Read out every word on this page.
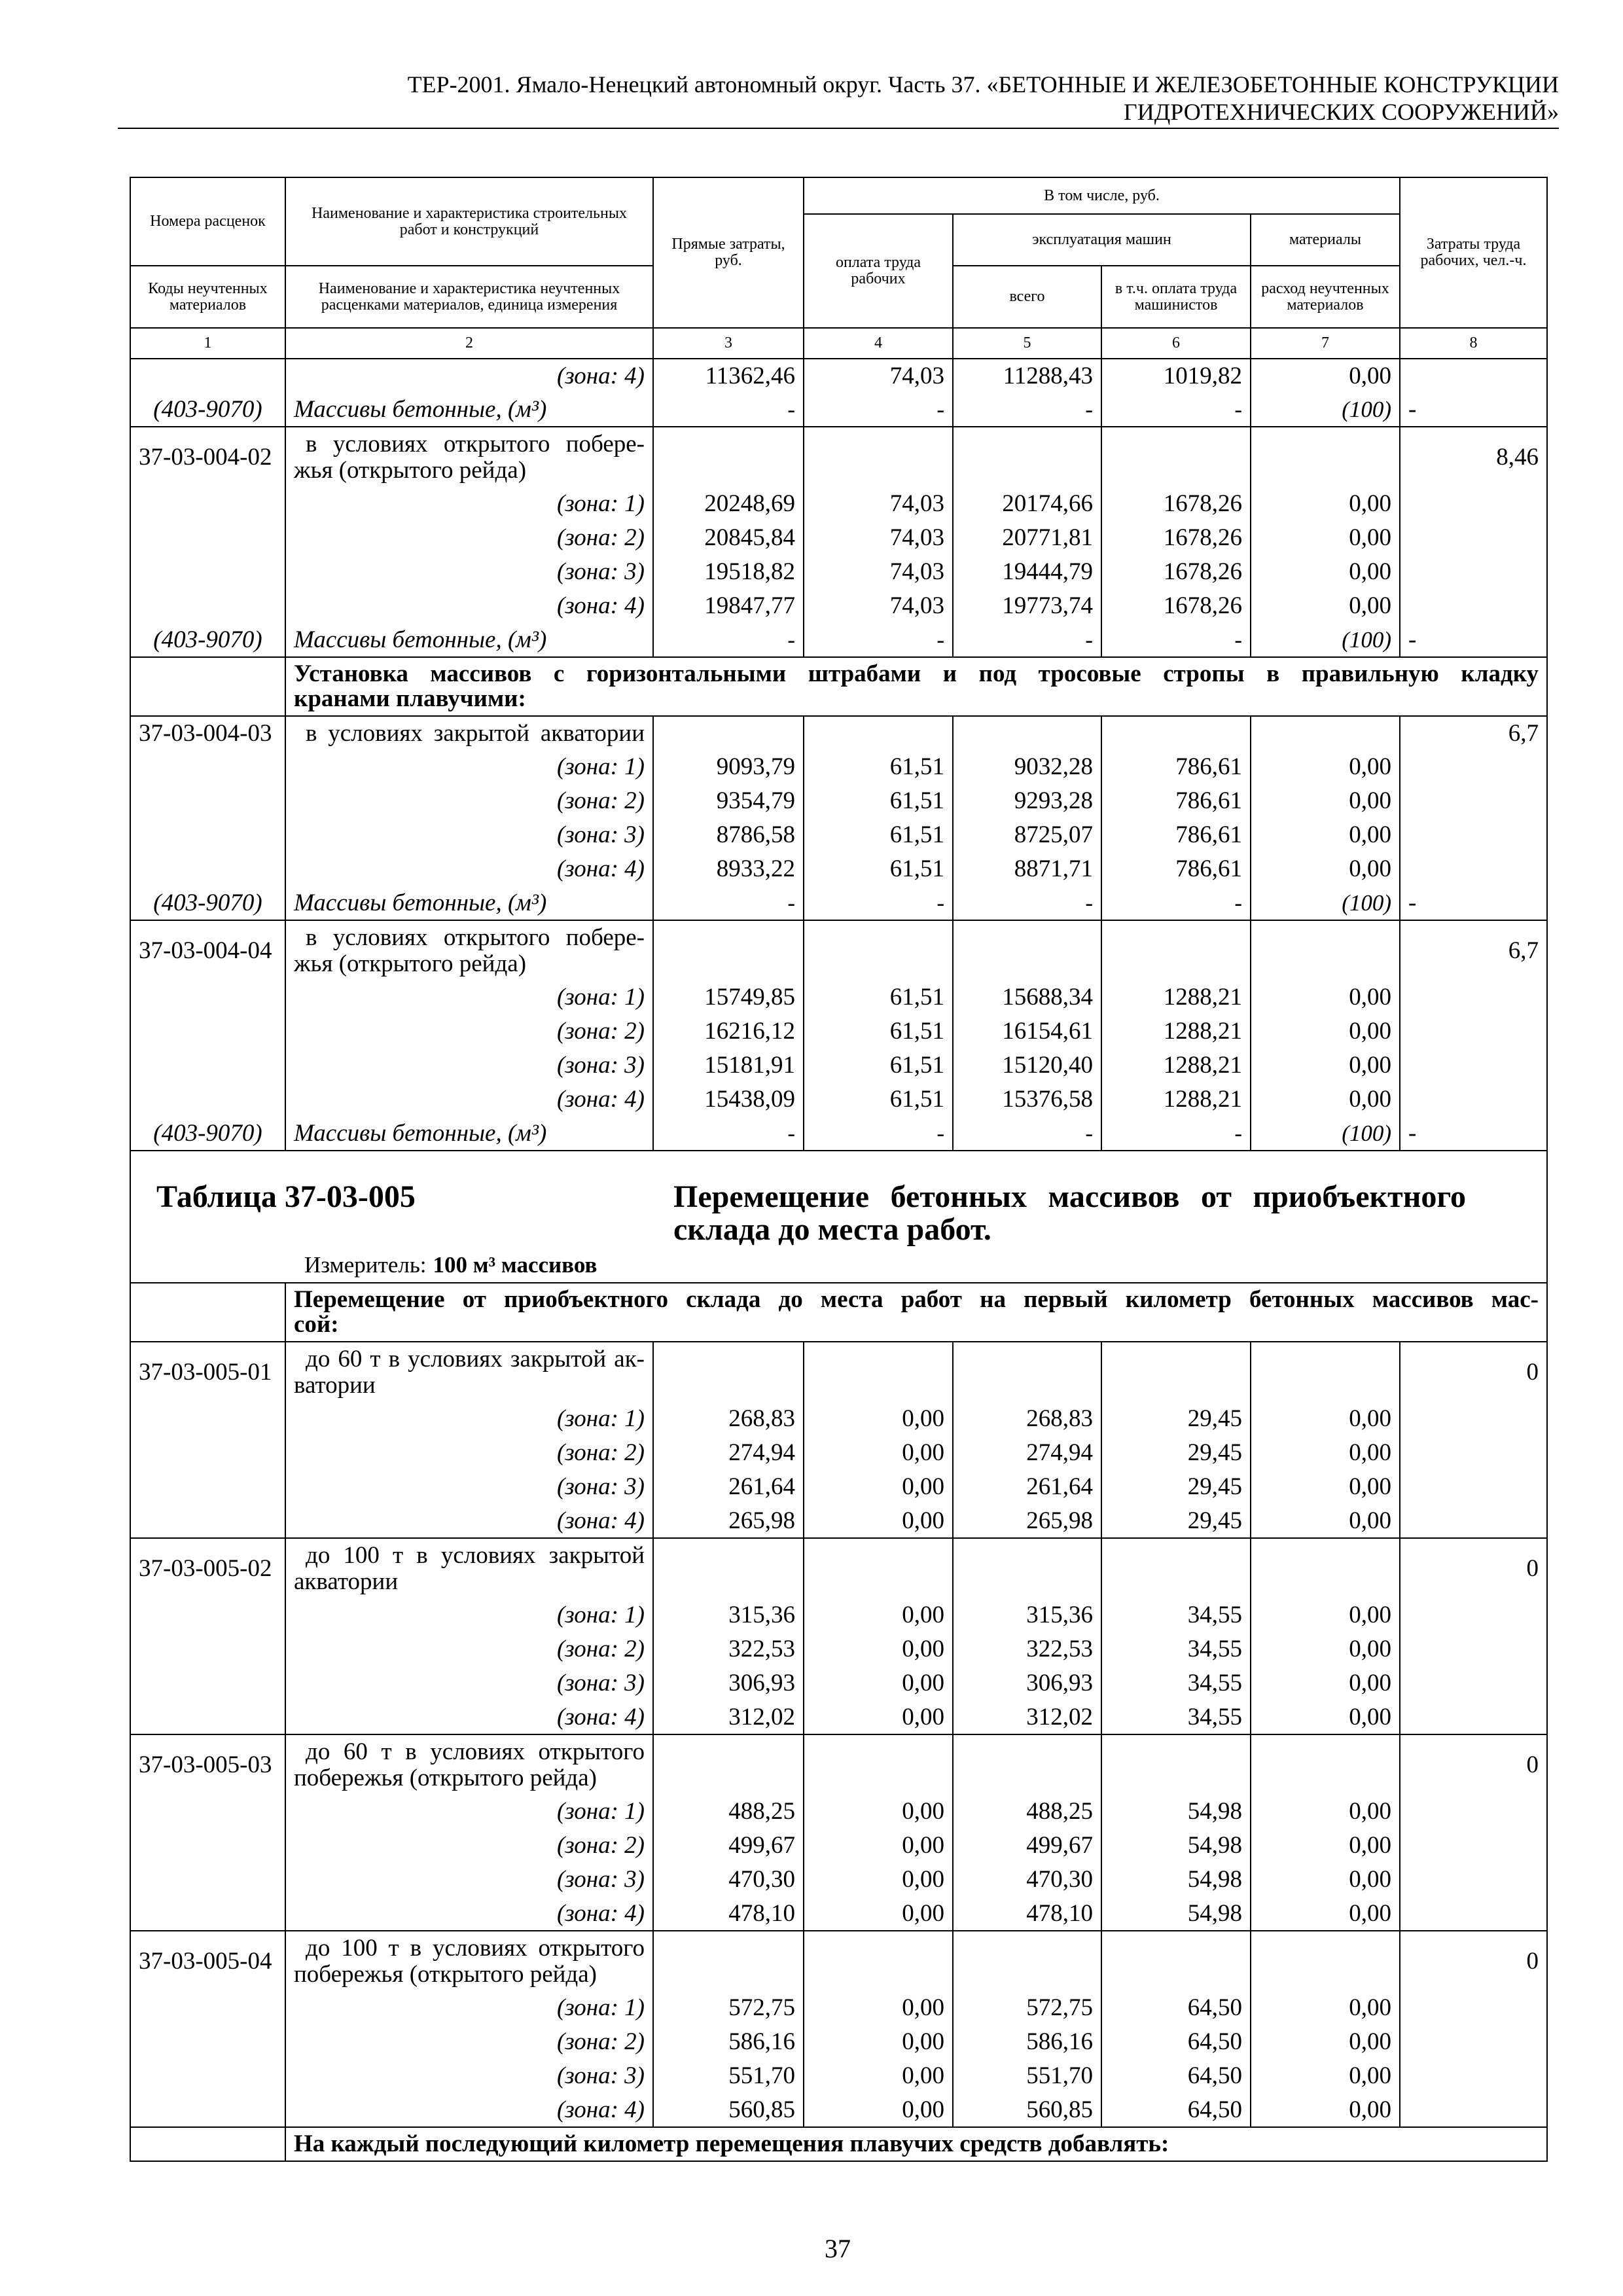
ТЕР-2001. Ямало-Ненецкий автономный округ. Часть 37. «БЕТОННЫЕ И ЖЕЛЕЗОБЕТОННЫЕ КОНСТРУКЦИИ
ГИДРОТЕХНИЧЕСКИХ СООРУЖЕНИЙ»
Номера расценок	Наименование и характеристика строительных работ и конструкций	Прямые затраты, руб.	В том числе, руб.				Затраты труда рабочих, чел.-ч.
			оплата труда рабочих	эксплуатация машин		материалы	
Коды неучтенных материалов	Наименование и характеристика неучтенных расценками материалов, единица измерения			всего	в т.ч. оплата труда машинистов	расход неучтенных материалов	
1	2	3	4	5	6	7	8
	(зона: 4)	11362,46	74,03	11288,43	1019,82	0,00	
(403-9070)	Массивы бетонные, (м³)	-	-	-	-	(100)	-
37-03-004-02	в условиях открытого побере-
жья (открытого рейда)						8,46
	(зона: 1)	20248,69	74,03	20174,66	1678,26	0,00	
	(зона: 2)	20845,84	74,03	20771,81	1678,26	0,00	
	(зона: 3)	19518,82	74,03	19444,79	1678,26	0,00	
	(зона: 4)	19847,77	74,03	19773,74	1678,26	0,00	
(403-9070)	Массивы бетонные, (м³)	-	-	-	-	(100)	-

	Установка массивов с горизонтальными штрабами и под тросовые стропы в правильную кладку
кранами плавучими:						

37-03-004-03	в условиях закрытой акватории						6,7
	(зона: 1)	9093,79	61,51	9032,28	786,61	0,00	
	(зона: 2)	9354,79	61,51	9293,28	786,61	0,00	
	(зона: 3)	8786,58	61,51	8725,07	786,61	0,00	
	(зона: 4)	8933,22	61,51	8871,71	786,61	0,00	
(403-9070)	Массивы бетонные, (м³)	-	-	-	-	(100)	-
37-03-004-04	в условиях открытого побере-
жья (открытого рейда)						6,7
	(зона: 1)	15749,85	61,51	15688,34	1288,21	0,00	
	(зона: 2)	16216,12	61,51	16154,61	1288,21	0,00	
	(зона: 3)	15181,91	61,51	15120,40	1288,21	0,00	
	(зона: 4)	15438,09	61,51	15376,58	1288,21	0,00	
(403-9070)	Массивы бетонные, (м³)	-	-	-	-	(100)	-

Таблица 37-03-005 Перемещение бетонных массивов от приобъектного
склада до места работ.
Измеритель: 100 м³ массивов							

	Перемещение от приобъектного склада до места работ на первый километр бетонных массивов мас-
сой:						

37-03-005-01	до 60 т в условиях закрытой ак-
ватории						0
	(зона: 1)	268,83	0,00	268,83	29,45	0,00	
	(зона: 2)	274,94	0,00	274,94	29,45	0,00	
	(зона: 3)	261,64	0,00	261,64	29,45	0,00	
	(зона: 4)	265,98	0,00	265,98	29,45	0,00	
37-03-005-02	до 100 т в условиях закрытой
акватории						0
	(зона: 1)	315,36	0,00	315,36	34,55	0,00	
	(зона: 2)	322,53	0,00	322,53	34,55	0,00	
	(зона: 3)	306,93	0,00	306,93	34,55	0,00	
	(зона: 4)	312,02	0,00	312,02	34,55	0,00	
37-03-005-03	до 60 т в условиях открытого
побережья (открытого рейда)						0
	(зона: 1)	488,25	0,00	488,25	54,98	0,00	
	(зона: 2)	499,67	0,00	499,67	54,98	0,00	
	(зона: 3)	470,30	0,00	470,30	54,98	0,00	
	(зона: 4)	478,10	0,00	478,10	54,98	0,00	
37-03-005-04	до 100 т в условиях открытого
побережья (открытого рейда)						0
	(зона: 1)	572,75	0,00	572,75	64,50	0,00	
	(зона: 2)	586,16	0,00	586,16	64,50	0,00	
	(зона: 3)	551,70	0,00	551,70	64,50	0,00	
	(зона: 4)	560,85	0,00	560,85	64,50	0,00	

	На каждый последующий километр перемещения плавучих средств добавлять:						
37
